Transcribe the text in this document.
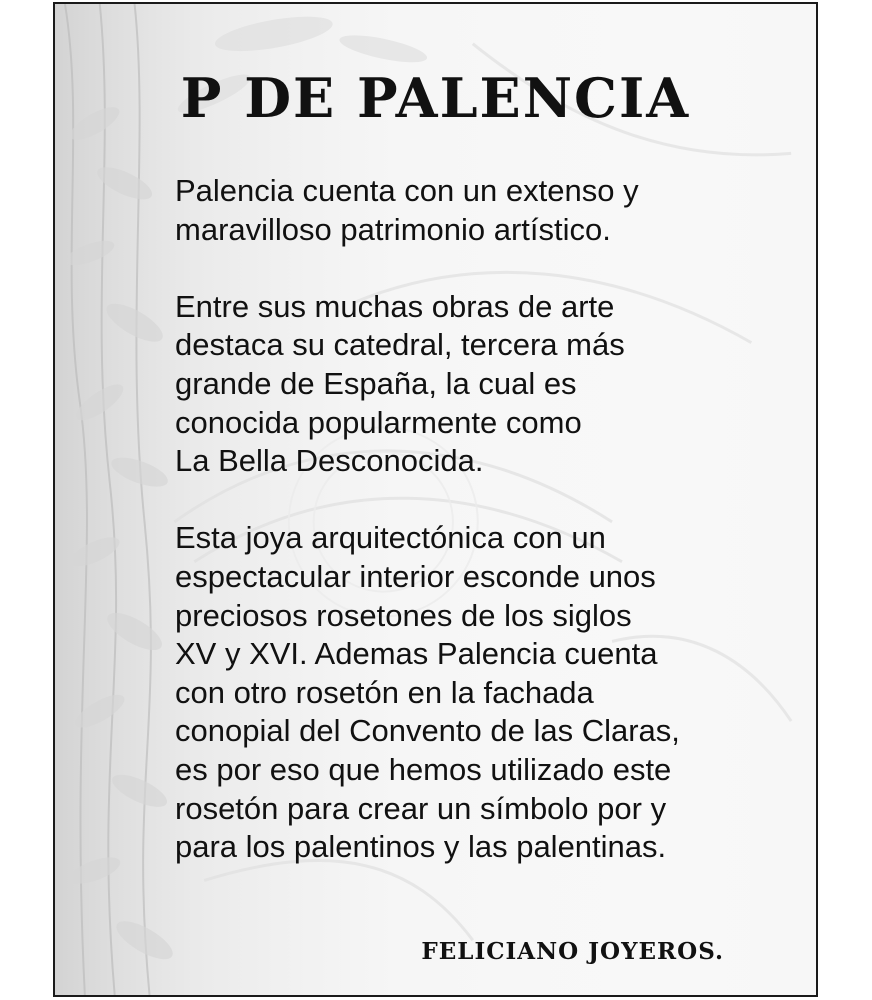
P DE PALENCIA

Palencia cuenta con un extenso y
maravilloso patrimonio artístico.

Entre sus muchas obras de arte
destaca su catedral, tercera más
grande de España, la cual es
conocida popularmente como
La Bella Desconocida.

Esta joya arquitectónica con un
espectacular interior esconde unos
preciosos rosetones de los siglos
XV y XVI. Ademas Palencia cuenta
con otro rosetón en la fachada
conopial del Convento de las Claras,
es por eso que hemos utilizado este
rosetón para crear un símbolo por y
para los palentinos y las palentinas.

FELICIANO JOYEROS.
